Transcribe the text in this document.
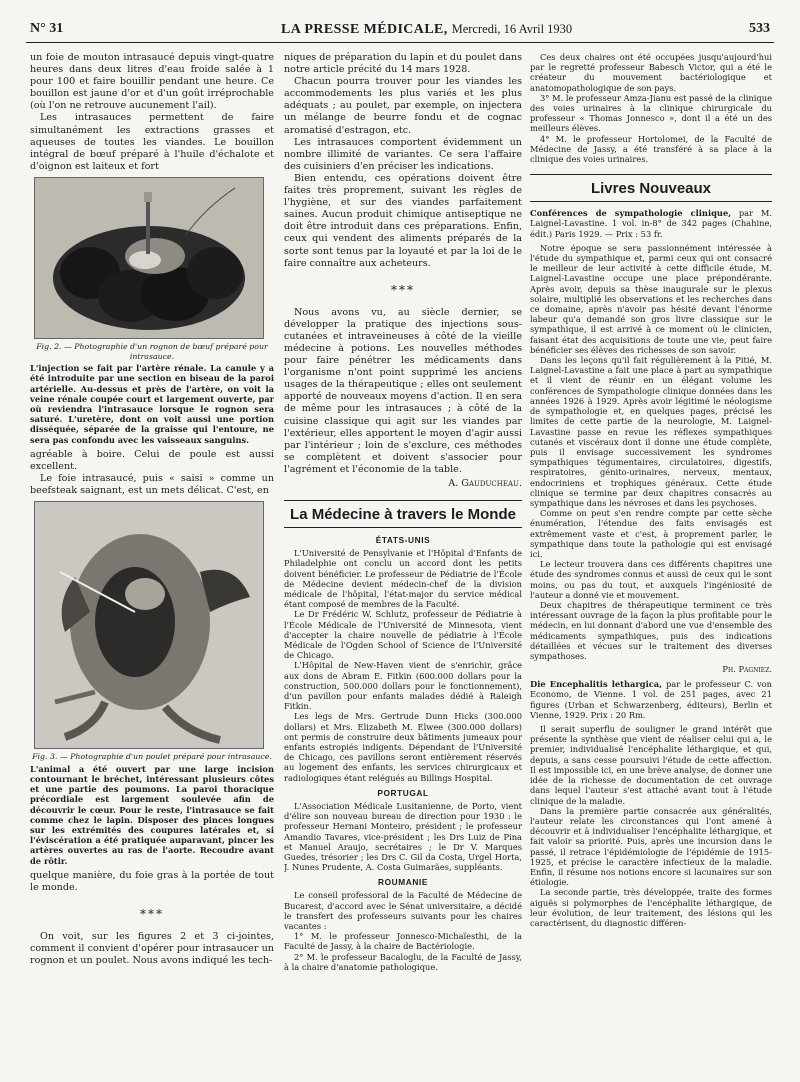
N° 31	LA PRESSE MÉDICALE, Mercredi, 16 Avril 1930	533

un foie de mouton intrasaucé depuis vingt-quatre heures dans deux litres d'eau froide salée à 1 pour 100 et faire bouillir pendant une heure. Ce bouillon est jaune d'or et d'un goût irréprochable (où l'on ne retrouve aucunement l'ail).

Les intrasauces permettent de faire simultanément les extractions grasses et aqueuses de toutes les viandes. Le bouillon intégral de bœuf préparé à l'huile d'échalote et d'oignon est laiteux et fort

Fig. 2. — Photographie d'un rognon de bœuf préparé pour intrasauce.

L'injection se fait par l'artère rénale. La canule y a été introduite par une section en biseau de la paroi artérielle. Au-dessus et près de l'artère, on voit la veine rénale coupée court et largement ouverte, par où reviendra l'intrasauce lorsque le rognon sera saturé. L'uretère, dont on voit aussi une portion disséquée, séparée de la graisse qui l'entoure, ne sera pas confondu avec les vaisseaux sanguins.

agréable à boire. Celui de poule est aussi excellent.

Le foie intrasaucé, puis « saisi » comme un beefsteak saignant, est un mets délicat. C'est, en

Fig. 3. — Photographie d'un poulet préparé pour intrasauce.

L'animal a été ouvert par une large incision contournant le bréchet, intéressant plusieurs côtes et une partie des poumons. La paroi thoracique précordiale est largement soulevée afin de découvrir le cœur. Pour le reste, l'intrasauce se fait comme chez le lapin. Disposer des pinces longues sur les extrémités des coupures latérales et, si l'éviscération a été pratiquée auparavant, pincer les artères ouvertes au ras de l'aorte. Recoudre avant de rôtir.

quelque manière, du foie gras à la portée de tout le monde.

***

On voit, sur les figures 2 et 3 ci-jointes, comment il convient d'opérer pour intrasaucer un rognon et un poulet. Nous avons indiqué les tech-

niques de préparation du lapin et du poulet dans notre article précité du 14 mars 1928.

Chacun pourra trouver pour les viandes les accommodements les plus variés et les plus adéquats ; au poulet, par exemple, on injectera un mélange de beurre fondu et de cognac aromatisé d'estragon, etc.

Les intrasauces comportent évidemment un nombre illimité de variantes. Ce sera l'affaire des cuisiniers d'en préciser les indications.

Bien entendu, ces opérations doivent être faites très proprement, suivant les règles de l'hygiène, et sur des viandes parfaitement saines. Aucun produit chimique antiseptique ne doit être introduit dans ces préparations. Enfin, ceux qui vendent des aliments préparés de la sorte sont tenus par la loyauté et par la loi de le faire connaître aux acheteurs.

***

Nous avons vu, au siècle dernier, se développer la pratique des injections sous-cutanées et intraveineuses à côté de la vieille médecine à potions. Les nouvelles méthodes pour faire pénétrer les médicaments dans l'organisme n'ont point supprimé les anciens usages de la thérapeutique ; elles ont seulement apporté de nouveaux moyens d'action. Il en sera de même pour les intrasauces ; à côté de la cuisine classique qui agit sur les viandes par l'extérieur, elles apportent le moyen d'agir aussi par l'intérieur ; loin de s'exclure, ces méthodes se complètent et doivent s'associer pour l'agrément et l'économie de la table.

A. Gauducheau.
La Médecine à travers le Monde
ÉTATS-UNIS

L'Université de Pensylvanie et l'Hôpital d'Enfants de Philadelphie ont conclu un accord dont les petits doivent bénéficier. Le professeur de Pédiatrie de l'École de Médecine devient médecin-chef de la division médicale de l'hôpital, l'état-major du service médical étant composé de membres de la Faculté.

Le Dr Frédéric W. Schlutz, professeur de Pédiatrie à l'École Médicale de l'Université de Minnesota, vient d'accepter la chaire nouvelle de pédiatrie à l'École Médicale de l'Ogden School of Science de l'Université de Chicago.

L'Hôpital de New-Haven vient de s'enrichir, grâce aux dons de Abram E. Fitkin (600.000 dollars pour la construction, 500.000 dollars pour le fonctionnement), d'un pavillon pour enfants malades dédié à Raleigh Fitkin.

Les legs de Mrs. Gertrude Dunn Hicks (300.000 dollars) et Mrs. Elizabeth M. Elwee (300.000 dollars) ont permis de construire deux bâtiments jumeaux pour enfants estropiés indigents. Dépendant de l'Université de Chicago, ces pavillons seront entièrement réservés au logement des enfants, les services chirurgicaux et radiologiques étant relégués au Billings Hospital.

PORTUGAL

L'Association Médicale Lusitanienne, de Porto, vient d'élire son nouveau bureau de direction pour 1930 : le professeur Hernani Monteiro, président ; le professeur Amandio Tavares, vice-président ; les Drs Luiz de Pina et Manuel Araujo, secrétaires ; le Dr V. Marques Guedes, trésorier ; les Drs C. Gil da Costa, Urgel Horta, J. Nunes Prudente, A. Costa Guimarães, suppléants.

ROUMANIE

Le conseil professoral de la Faculté de Médecine de Bucarest, d'accord avec le Sénat universitaire, a décidé le transfert des professeurs suivants pour les chaires vacantes :

1° M. le professeur Jonnesco-Michaïesthi, de la Faculté de Jassy, à la chaire de Bactériologie.

2° M. le professeur Bacaloglu, de la Faculté de Jassy, à la chaire d'anatomie pathologique.

Ces deux chaires ont été occupées jusqu'aujourd'hui par le regretté professeur Babesch Victor, qui a été le créateur du mouvement bactériologique et anatomopathologique de son pays.

3° M. le professeur Amza-Jianu est passé de la clinique des voies urinaires à la clinique chirurgicale du professeur « Thomas Jonnesco », dont il a été un des meilleurs élèves.

4° M. le professeur Hortolomei, de la Faculté de Médecine de Jassy, a été transféré à sa place à la clinique des voies urinaires.

Livres Nouveaux

Conférences de sympathologie clinique, par M. Laignel-Lavastine. 1 vol. in-8° de 342 pages (Chahine, édit.) Paris 1929. — Prix : 53 fr.

Notre époque se sera passionnément intéressée à l'étude du sympathique et, parmi ceux qui ont consacré le meilleur de leur activité à cette difficile étude, M. Laignel-Lavastine occupe une place prépondérante. Après avoir, depuis sa thèse inaugurale sur le plexus solaire, multiplié les observations et les recherches dans ce domaine, après n'avoir pas hésité devant l'énorme labeur qu'a demandé son gros livre classique sur le sympathique, il est arrivé à ce moment où le clinicien, faisant état des acquisitions de toute une vie, peut faire bénéficier ses élèves des richesses de son savoir.

Dans les leçons qu'il fait régulièrement à la Pitié, M. Laignel-Lavastine a fait une place à part au sympathique et il vient de réunir en un élégant volume les conférences de Sympathologie clinique données dans les années 1926 à 1929. Après avoir légitimé le néologisme de sympathologie et, en quelques pages, précisé les limites de cette partie de la neurologie, M. Laignel-Lavastine passe en revue les réflexes sympathiques cutanés et viscéraux dont il donne une étude complète, puis il envisage successivement les syndromes sympathiques tégumentaires, circulatoires, digestifs, respiratoires, génito-urinaires, nerveux, mentaux, endocriniens et trophiques généraux. Cette étude clinique se termine par deux chapitres consacrés au sympathique dans les névroses et dans les psychoses.

Comme on peut s'en rendre compte par cette sèche énumération, l'étendue des faits envisagés est extrêmement vaste et c'est, à proprement parler, le sympathique dans toute la pathologie qui est envisagé ici.

Le lecteur trouvera dans ces différents chapitres une étude des syndromes connus et aussi de ceux qui le sont moins, ou pas du tout, et auxquels l'ingéniosité de l'auteur a donné vie et mouvement.

Deux chapitres de thérapeutique terminent ce très intéressant ouvrage de la façon la plus profitable pour le médecin, en lui donnant d'abord une vue d'ensemble des médicaments sympathiques, puis des indications détaillées et vécues sur le traitement des diverses sympathoses.

Ph. Pagniez.

Die Encephalitis lethargica, par le professeur C. von Economo, de Vienne. 1 vol. de 251 pages, avec 21 figures (Urban et Schwarzenberg, éditeurs), Berlin et Vienne, 1929. Prix : 20 Rm.

Il serait superflu de souligner le grand intérêt que présente la synthèse que vient de réaliser celui qui a, le premier, individualisé l'encéphalite léthargique, et qui, depuis, a sans cesse poursuivi l'étude de cette affection. Il est impossible ici, en une brève analyse, de donner une idée de la richesse de documentation de cet ouvrage dans lequel l'auteur s'est attaché avant tout à l'étude clinique de la maladie.

Dans la première partie consacrée aux généralités, l'auteur relate les circonstances qui l'ont amené à découvrir et à individualiser l'encéphalite léthargique, et fait valoir sa priorité. Puis, après une incursion dans le passé, il retrace l'épidémiologie de l'épidémie de 1915-1925, et précise le caractère infectieux de la maladie. Enfin, il résume nos notions encore si lacunaires sur son étiologie.

La seconde partie, très développée, traite des formes aiguës si polymorphes de l'encéphalite léthargique, de leur évolution, de leur traitement, des lésions qui les caractérisent, du diagnostic différen-
